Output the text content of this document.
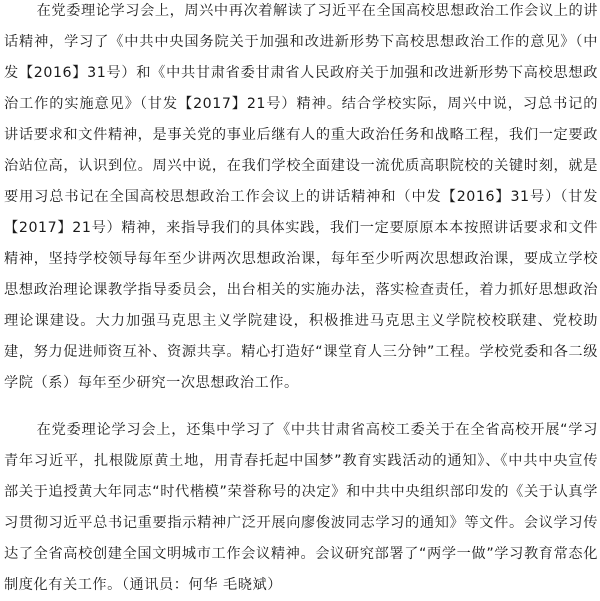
在党委理论学习会上，周兴中再次着解读了习近平在全国高校思想政治工作会议上的讲话精神，学习了《中共中央国务院关于加强和改进新形势下高校思想政治工作的意见》（中发【2016】31号）和《中共甘肃省委甘肃省人民政府关于加强和改进新形势下高校思想政治工作的实施意见》（甘发【2017】21号）精神。结合学校实际，周兴中说，习总书记的讲话要求和文件精神，是事关党的事业后继有人的重大政治任务和战略工程，我们一定要政治站位高，认识到位。周兴中说，在我们学校全面建设一流优质高职院校的关键时刻，就是要用习总书记在全国高校思想政治工作会议上的讲话精神和（中发【2016】31号）（甘发【2017】21号）精神，来指导我们的具体实践，我们一定要原原本本按照讲话要求和文件精神，坚持学校领导每年至少讲两次思想政治课，每年至少听两次思想政治课，要成立学校思想政治理论课教学指导委员会，出台相关的实施办法，落实检查责任，着力抓好思想政治理论课建设。大力加强马克思主义学院建设，积极推进马克思主义学院校校联建、党校助建，努力促进师资互补、资源共享。精心打造好“课堂育人三分钟”工程。学校党委和各二级学院（系）每年至少研究一次思想政治工作。

在党委理论学习会上，还集中学习了《中共甘肃省高校工委关于在全省高校开展“学习青年习近平，扎根陇原黄土地，用青春托起中国梦”教育实践活动的通知》、《中共中央宣传部关于追授黄大年同志“时代楷模”荣誉称号的决定》和中共中央组织部印发的《关于认真学习贯彻习近平总书记重要指示精神广泛开展向廖俊波同志学习的通知》等文件。会议学习传达了全省高校创建全国文明城市工作会议精神。会议研究部署了“两学一做”学习教育常态化制度化有关工作。（通讯员：何华 毛晓斌）
